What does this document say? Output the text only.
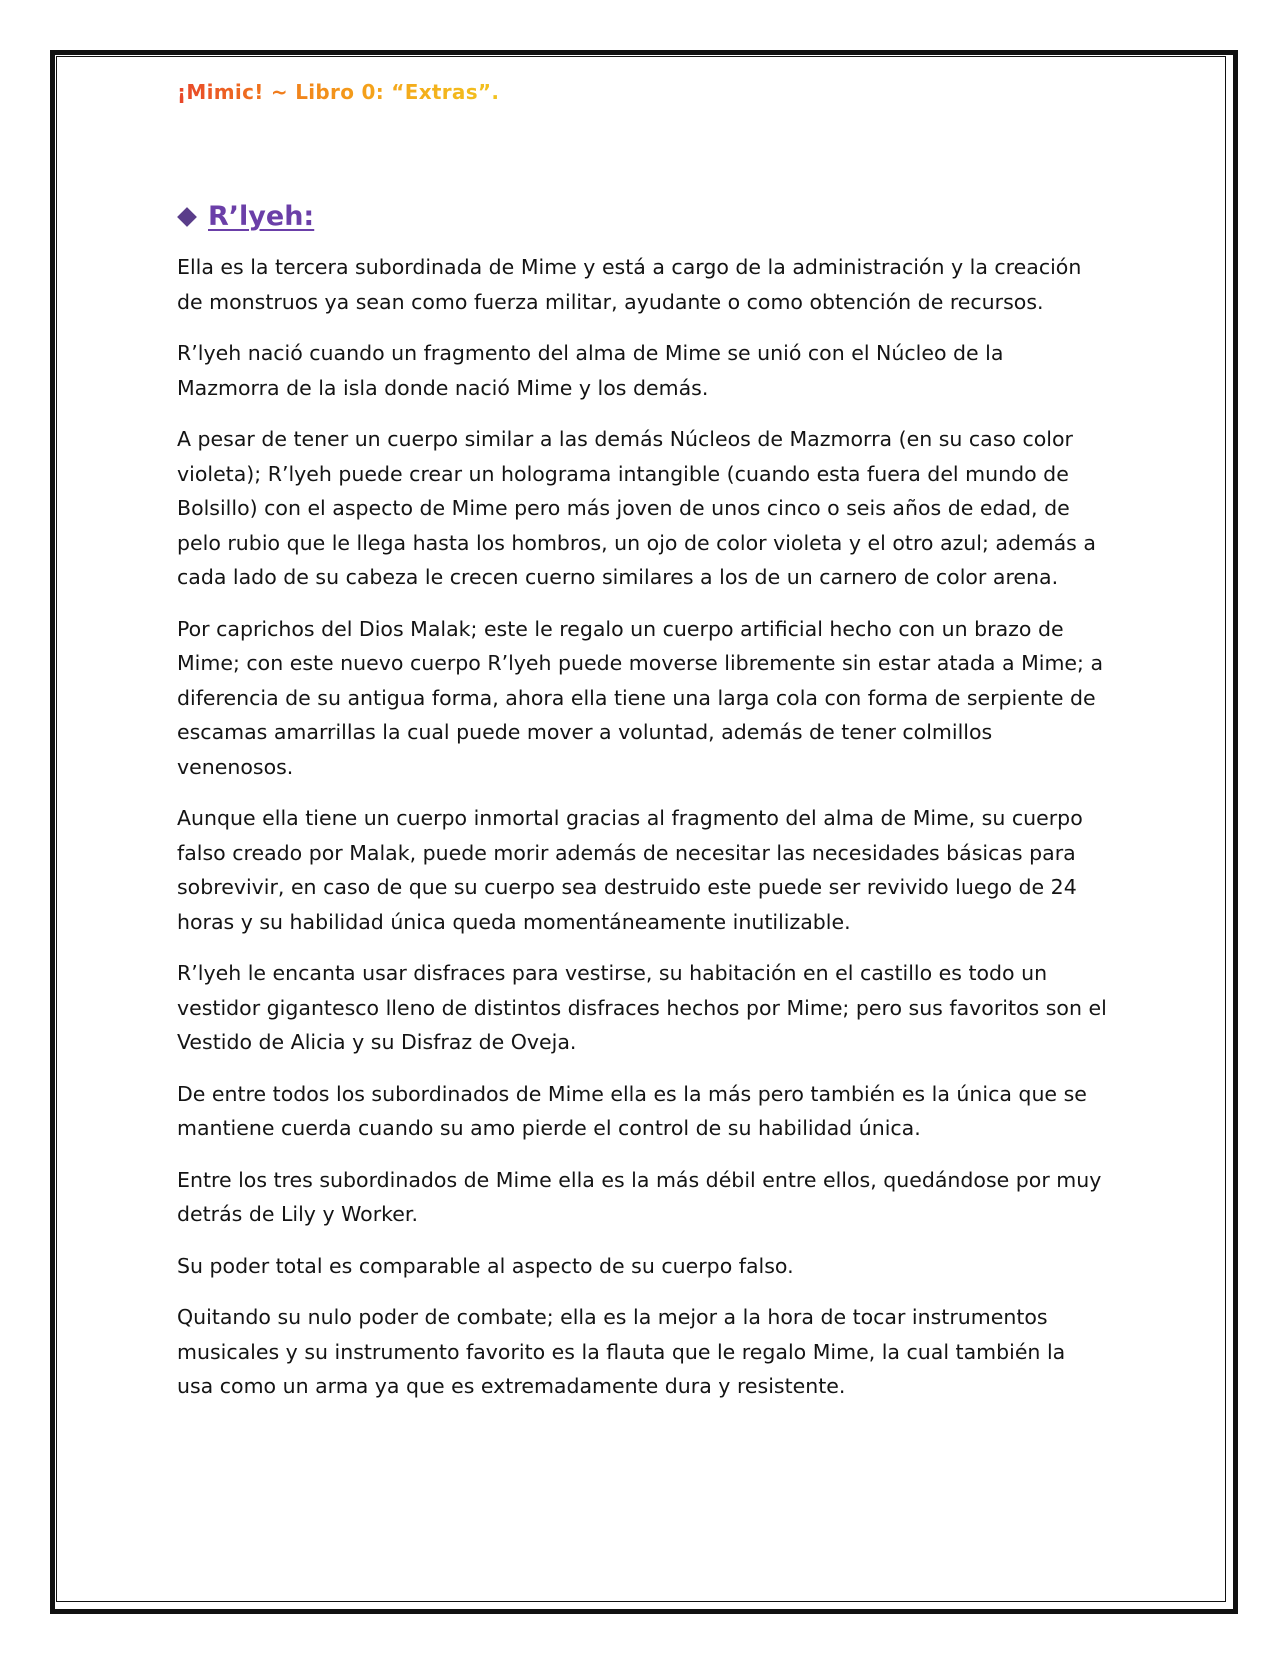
¡Mimic! ~ Libro 0: “Extras”.
R’lyeh:

Ella es la tercera subordinada de Mime y está a cargo de la administración y la creación de monstruos ya sean como fuerza militar, ayudante o como obtención de recursos.

R’lyeh nació cuando un fragmento del alma de Mime se unió con el Núcleo de la Mazmorra de la isla donde nació Mime y los demás.

A pesar de tener un cuerpo similar a las demás Núcleos de Mazmorra (en su caso color violeta); R’lyeh puede crear un holograma intangible (cuando esta fuera del mundo de Bolsillo) con el aspecto de Mime pero más joven de unos cinco o seis años de edad, de pelo rubio que le llega hasta los hombros, un ojo de color violeta y el otro azul; además a cada lado de su cabeza le crecen cuerno similares a los de un carnero de color arena.

Por caprichos del Dios Malak; este le regalo un cuerpo artificial hecho con un brazo de Mime; con este nuevo cuerpo R’lyeh puede moverse libremente sin estar atada a Mime; a diferencia de su antigua forma, ahora ella tiene una larga cola con forma de serpiente de escamas amarrillas la cual puede mover a voluntad, además de tener colmillos venenosos.

Aunque ella tiene un cuerpo inmortal gracias al fragmento del alma de Mime, su cuerpo falso creado por Malak, puede morir además de necesitar las necesidades básicas para sobrevivir, en caso de que su cuerpo sea destruido este puede ser revivido luego de 24 horas y su habilidad única queda momentáneamente inutilizable.

R’lyeh le encanta usar disfraces para vestirse, su habitación en el castillo es todo un vestidor gigantesco lleno de distintos disfraces hechos por Mime; pero sus favoritos son el Vestido de Alicia y su Disfraz de Oveja.

De entre todos los subordinados de Mime ella es la más pero también es la única que se mantiene cuerda cuando su amo pierde el control de su habilidad única.

Entre los tres subordinados de Mime ella es la más débil entre ellos, quedándose por muy detrás de Lily y Worker.

Su poder total es comparable al aspecto de su cuerpo falso.

Quitando su nulo poder de combate; ella es la mejor a la hora de tocar instrumentos musicales y su instrumento favorito es la flauta que le regalo Mime, la cual también la usa como un arma ya que es extremadamente dura y resistente.
